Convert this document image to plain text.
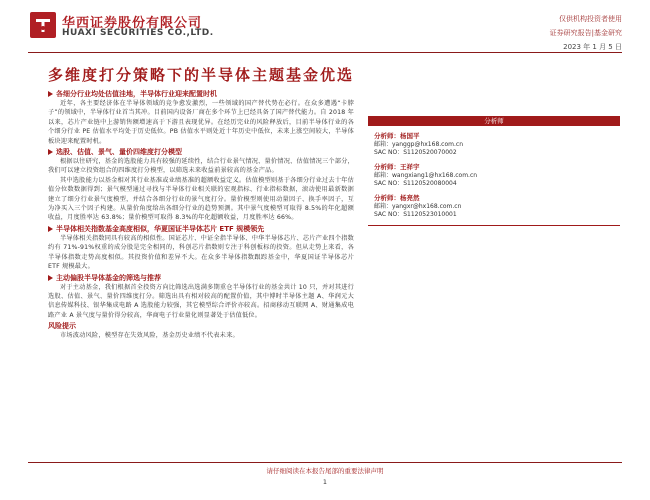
华西证券股份有限公司
HUAXI SECURITIES CO.,LTD.
仅供机构投资者使用
证券研究报告|基金研究
2023 年 1 月 5 日
多维度打分策略下的半导体主题基金优选
各细分行业均处估值洼地，半导体行业迎来配置时机

近年，各主要经济体在半导体领域的竞争愈发激烈，一些领域的国产替代势在必行。在众多遭遇“卡脖子”的领域中，半导体行业首当其冲。目前国内设备厂商在多个环节上已经具备了国产替代能力。自 2018 年以来，芯片产业链中上游销售额增速高于下游且表现优异。在经历完业的风险释放后，目前半导体行业的各个细分行业 PE 估值水平均处于历史低位。PB 估值水平则处近十年历史中低位，未来上涨空间较大，半导体板块迎来配置时机。

选股、估值、景气、量价四维度打分模型

根据以往研究，基金的选股能力具有较强的延续性，结合行业景气情况、量价情况、估值情况三个部分，我们可以建立投资组合的四维度打分模型，以筛选未来收益前景较高的基金产品。

其中选股能力以基金相对其行业基准或业绩基准的超额收益定义。估值模型则基于各细分行业过去十年估值分位数数据得到；景气模型通过寻找与半导体行业相关联的宏观指标、行业指标数据，滚动使用最新数据建立了细分行业景气度模型，并结合各细分行业的景气度打分。量价模型则使用动量因子、换手率因子，互为净买入三个因子构建。从量价角度给出各细分行业的趋势预测。其中景气度模型可取得 8.5%的年化超额收益，月度胜率达 63.8%；量价模型可取得 8.3%的年化超额收益，月度胜率达 66%。

半导体相关指数基金高度相似，华夏国证半导体芯片 ETF 规模领先

半导体相关指数同具有较高的相似性。国证芯片、中证全指半导体、中华半导体芯片、芯片产业四个指数约有 71%-91%权重的成分股是完全相同的，科创芯片指数则专注于科创板标的投资。但从走势上来看，各半导体指数走势高度相似。其投资价值和差异不大。在众多半导体指数跟踪基金中，华夏国证半导体芯片 ETF 规模最大。

主动偏股半导体基金的筛选与推荐

对于主动基金，我们根据首全投资方向比筛选出选满多期重仓半导体行业的基金共计 10 只，并对其进行选股、估值、景气、量价四维度打分。筛选出具有相对较高的配置价值，其中博时半导体主题 A、华润元大信息传媒科技、银华集成电路 A 选股能力较强，其它模型综合评价亦较高。招商移动互联网 A、财通集成电路产业 A 景气度与量价得分较高，华商电子行业量化则显著处于估值低位。

风险提示

市场波动风险，模型存在失效风险，基金历史业绩不代表未来。

分析师
分析师：杨国平
邮箱：yanggp@hx168.com.cn
SAC NO：S1120520070002
分析师：王祥宇
邮箱：wangxiang1@hx168.com.cn
SAC NO：S1120520080004
分析师：杨亮然
邮箱：yangxr@hx168.com.cn
SAC NO：S1120523010001
请仔细阅读在本报告尾部的重要法律声明
1
